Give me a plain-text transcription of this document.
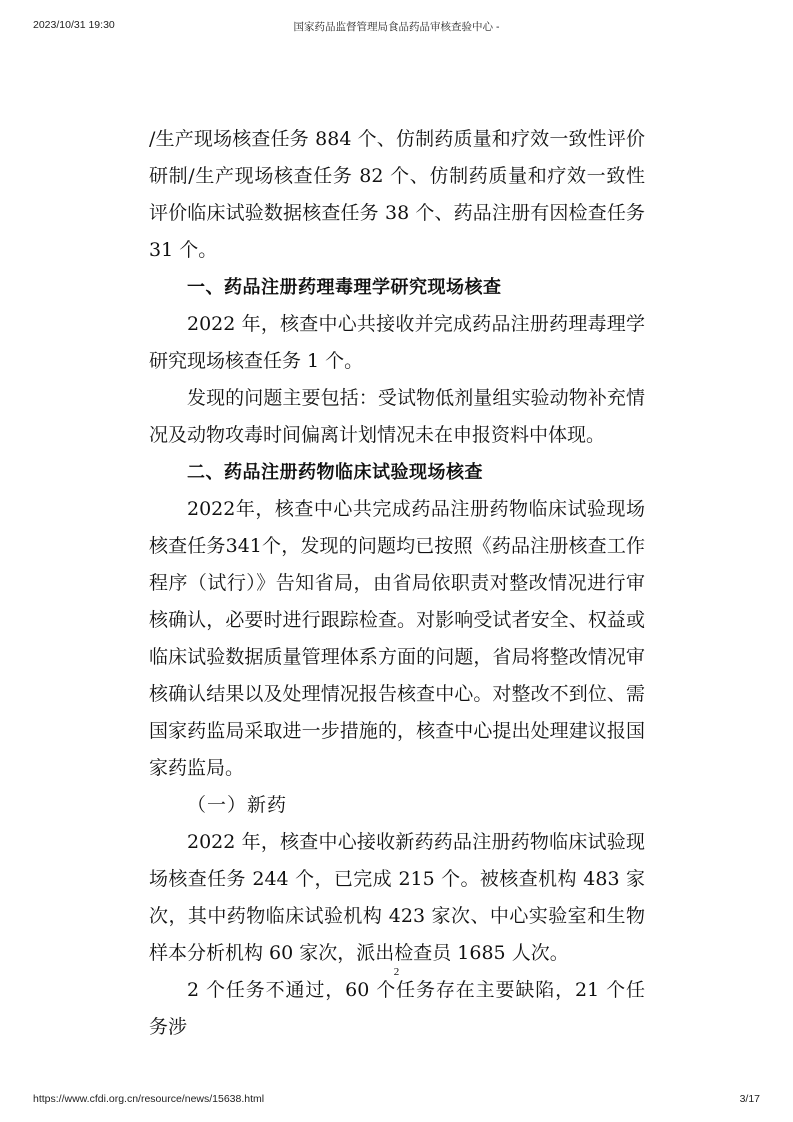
2023/10/31 19:30	国家药品监督管理局食品药品审核查验中心 -

/生产现场核查任务 884 个、仿制药质量和疗效一致性评价研制/生产现场核查任务 82 个、仿制药质量和疗效一致性评价临床试验数据核查任务 38 个、药品注册有因检查任务 31 个。

一、药品注册药理毒理学研究现场核查

2022 年，核查中心共接收并完成药品注册药理毒理学研究现场核查任务 1 个。

发现的问题主要包括：受试物低剂量组实验动物补充情况及动物攻毒时间偏离计划情况未在申报资料中体现。

二、药品注册药物临床试验现场核查

2022年，核查中心共完成药品注册药物临床试验现场核查任务341个，发现的问题均已按照《药品注册核查工作程序（试行）》告知省局，由省局依职责对整改情况进行审核确认，必要时进行跟踪检查。对影响受试者安全、权益或临床试验数据质量管理体系方面的问题，省局将整改情况审核确认结果以及处理情况报告核查中心。对整改不到位、需国家药监局采取进一步措施的，核查中心提出处理建议报国家药监局。

（一）新药

2022 年，核查中心接收新药药品注册药物临床试验现场核查任务 244 个，已完成 215 个。被核查机构 483 家次，其中药物临床试验机构 423 家次、中心实验室和生物样本分析机构 60 家次，派出检查员 1685 人次。

2 个任务不通过，60 个任务存在主要缺陷，21 个任务涉

2
https://www.cfdi.org.cn/resource/news/15638.html	3/17
